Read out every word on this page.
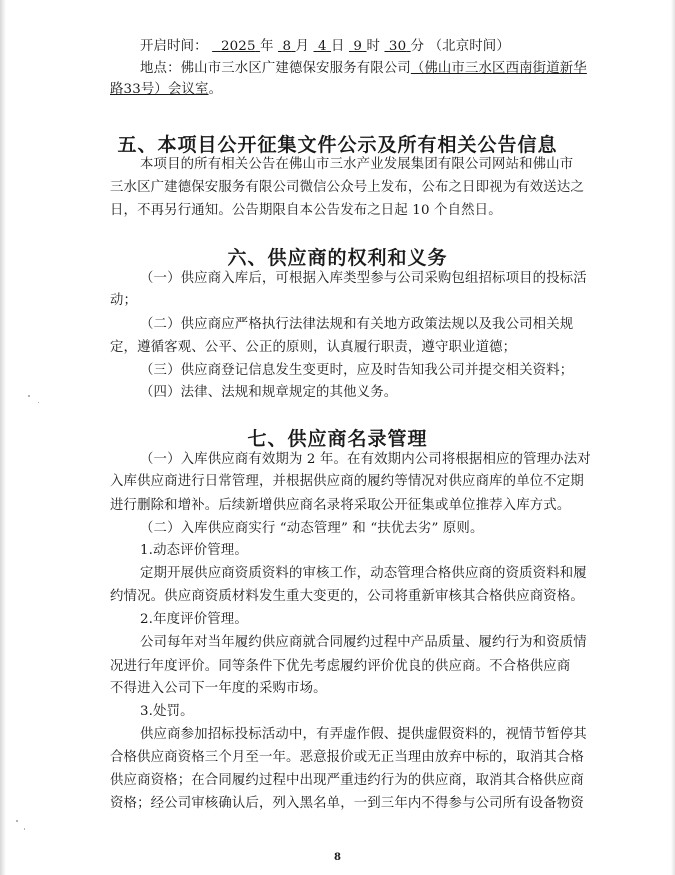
开启时间： 2025 年 8 月 4 日 9 时 30 分 （北京时间）
地点：佛山市三水区广建德保安服务有限公司（佛山市三水区西南街道新华
路33号）会议室。
五、本项目公开征集文件公示及所有相关公告信息
本项目的所有相关公告在佛山市三水产业发展集团有限公司网站和佛山市
三水区广建德保安服务有限公司微信公众号上发布，公布之日即视为有效送达之
日，不再另行通知。公告期限自本公告发布之日起 10 个自然日。
六、供应商的权利和义务
（一）供应商入库后，可根据入库类型参与公司采购包组招标项目的投标活
动；
（二）供应商应严格执行法律法规和有关地方政策法规以及我公司相关规
定，遵循客观、公平、公正的原则，认真履行职责，遵守职业道德；
（三）供应商登记信息发生变更时，应及时告知我公司并提交相关资料；
（四）法律、法规和规章规定的其他义务。
七、供应商名录管理
（一）入库供应商有效期为 2 年。在有效期内公司将根据相应的管理办法对
入库供应商进行日常管理，并根据供应商的履约等情况对供应商库的单位不定期
进行删除和增补。后续新增供应商名录将采取公开征集或单位推荐入库方式。
（二）入库供应商实行 “动态管理” 和 “扶优去劣” 原则。
1.动态评价管理。
定期开展供应商资质资料的审核工作，动态管理合格供应商的资质资料和履
约情况。供应商资质材料发生重大变更的，公司将重新审核其合格供应商资格。
2.年度评价管理。
公司每年对当年履约供应商就合同履约过程中产品质量、履约行为和资质情
况进行年度评价。同等条件下优先考虑履约评价优良的供应商。不合格供应商
不得进入公司下一年度的采购市场。
3.处罚。
供应商参加招标投标活动中，有弄虚作假、提供虚假资料的，视情节暂停其
合格供应商资格三个月至一年。恶意报价或无正当理由放弃中标的，取消其合格
供应商资格；在合同履约过程中出现严重违约行为的供应商，取消其合格供应商
资格；经公司审核确认后，列入黑名单，一到三年内不得参与公司所有设备物资
8
